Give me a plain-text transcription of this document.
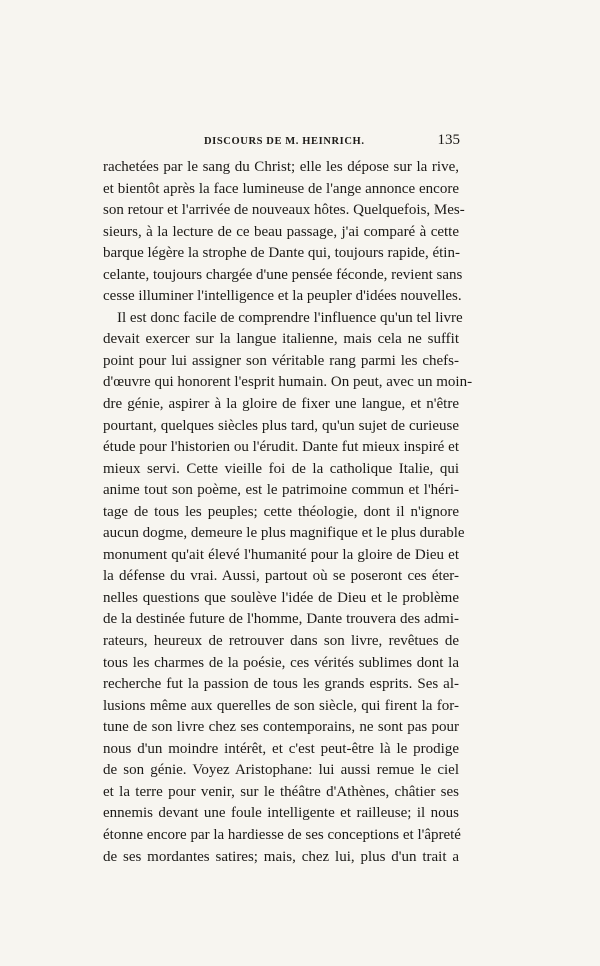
DISCOURS DE M. HEINRICH.	135
rachetées par le sang du Christ; elle les dépose sur la rive,
et bientôt après la face lumineuse de l'ange annonce encore
son retour et l'arrivée de nouveaux hôtes. Quelquefois, Mes-
sieurs, à la lecture de ce beau passage, j'ai comparé à cette
barque légère la strophe de Dante qui, toujours rapide, étin-
celante, toujours chargée d'une pensée féconde, revient sans
cesse illuminer l'intelligence et la peupler d'idées nouvelles.
Il est donc facile de comprendre l'influence qu'un tel livre
devait exercer sur la langue italienne, mais cela ne suffit
point pour lui assigner son véritable rang parmi les chefs-
d'œuvre qui honorent l'esprit humain. On peut, avec un moin-
dre génie, aspirer à la gloire de fixer une langue, et n'être
pourtant, quelques siècles plus tard, qu'un sujet de curieuse
étude pour l'historien ou l'érudit. Dante fut mieux inspiré et
mieux servi. Cette vieille foi de la catholique Italie, qui
anime tout son poème, est le patrimoine commun et l'héri-
tage de tous les peuples; cette théologie, dont il n'ignore
aucun dogme, demeure le plus magnifique et le plus durable
monument qu'ait élevé l'humanité pour la gloire de Dieu et
la défense du vrai. Aussi, partout où se poseront ces éter-
nelles questions que soulève l'idée de Dieu et le problème
de la destinée future de l'homme, Dante trouvera des admi-
rateurs, heureux de retrouver dans son livre, revêtues de
tous les charmes de la poésie, ces vérités sublimes dont la
recherche fut la passion de tous les grands esprits. Ses al-
lusions même aux querelles de son siècle, qui firent la for-
tune de son livre chez ses contemporains, ne sont pas pour
nous d'un moindre intérêt, et c'est peut-être là le prodige
de son génie. Voyez Aristophane: lui aussi remue le ciel
et la terre pour venir, sur le théâtre d'Athènes, châtier ses
ennemis devant une foule intelligente et railleuse; il nous
étonne encore par la hardiesse de ses conceptions et l'âpreté
de ses mordantes satires; mais, chez lui, plus d'un trait a
